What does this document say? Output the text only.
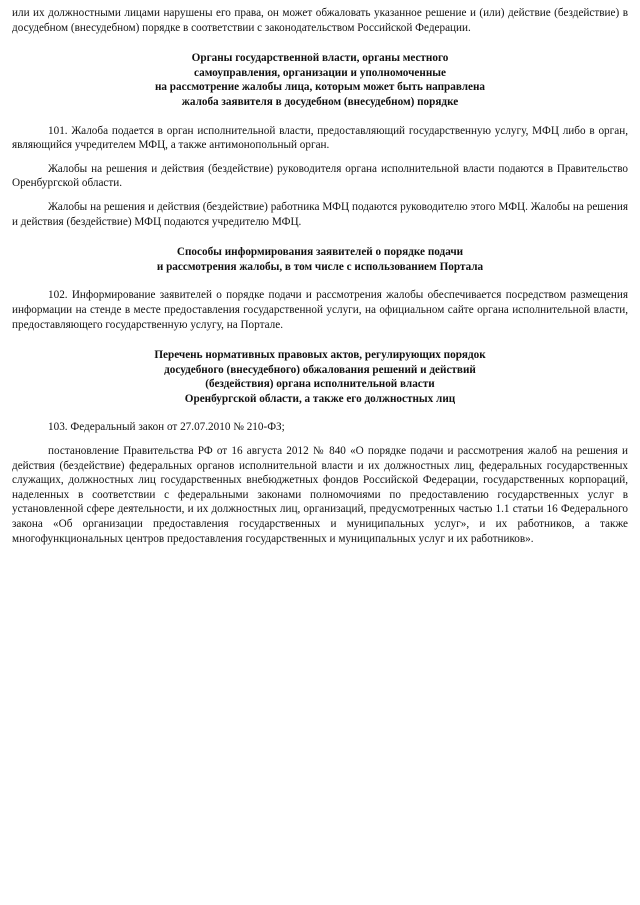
или их должностными лицами нарушены его права, он может обжаловать указанное решение и (или) действие (бездействие) в досудебном (внесудебном) порядке в соответствии с законодательством Российской Федерации.

Органы государственной власти, органы местного
самоуправления, организации и уполномоченные
на рассмотрение жалобы лица, которым может быть направлена
жалоба заявителя в досудебном (внесудебном) порядке

101. Жалоба подается в орган исполнительной власти, предоставляющий государственную услугу, МФЦ либо в орган, являющийся учредителем МФЦ, а также антимонопольный орган.

Жалобы на решения и действия (бездействие) руководителя органа исполнительной власти подаются в Правительство Оренбургской области.

Жалобы на решения и действия (бездействие) работника МФЦ подаются руководителю этого МФЦ. Жалобы на решения и действия (бездействие) МФЦ подаются учредителю МФЦ.

Способы информирования заявителей о порядке подачи
и рассмотрения жалобы, в том числе с использованием Портала

102. Информирование заявителей о порядке подачи и рассмотрения жалобы обеспечивается посредством размещения информации на стенде в месте предоставления государственной услуги, на официальном сайте органа исполнительной власти, предоставляющего государственную услугу, на Портале.

Перечень нормативных правовых актов, регулирующих порядок
досудебного (внесудебного) обжалования решений и действий
(бездействия) органа исполнительной власти
Оренбургской области, а также его должностных лиц

103. Федеральный закон от 27.07.2010 № 210-ФЗ;

постановление Правительства РФ от 16 августа 2012 № 840 «О порядке подачи и рассмотрения жалоб на решения и действия (бездействие) федеральных органов исполнительной власти и их должностных лиц, федеральных государственных служащих, должностных лиц государственных внебюджетных фондов Российской Федерации, государственных корпораций, наделенных в соответствии с федеральными законами полномочиями по предоставлению государственных услуг в установленной сфере деятельности, и их должностных лиц, организаций, предусмотренных частью 1.1 статьи 16 Федерального закона «Об организации предоставления государственных и муниципальных услуг», и их работников, а также многофункциональных центров предоставления государственных и муниципальных услуг и их работников».
